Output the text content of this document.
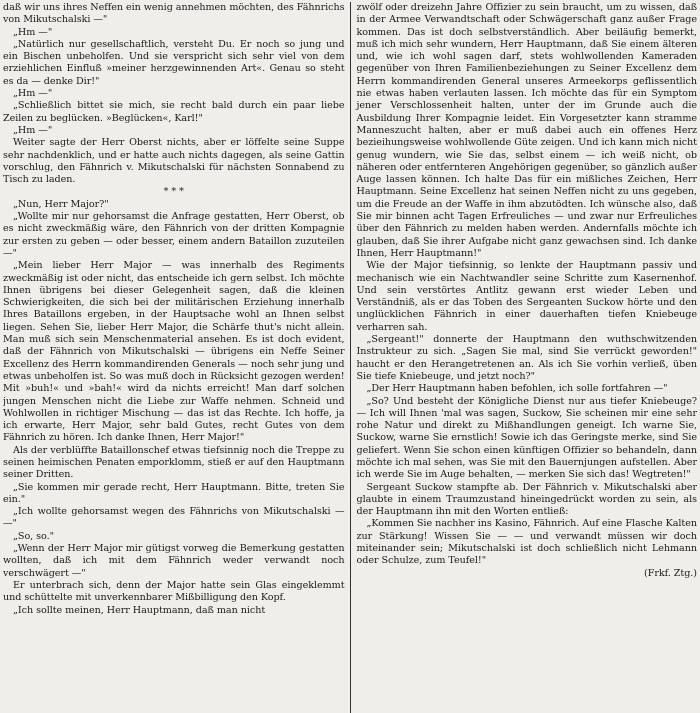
daß wir uns ihres Neffen ein wenig annehmen möchten, des Fähnrichs von Mikutschalski —"

„Hm —"

„Natürlich nur gesellschaftlich, versteht Du. Er noch so jung und ein Bischen unbeholfen. Und sie verspricht sich sehr viel von dem erziehlichen Einfluß »meiner herzgewinnenden Art«. Genau so steht es da — denke Dir!"

„Hm —"

„Schließlich bittet sie mich, sie recht bald durch ein paar liebe Zeilen zu beglücken. »Beglücken«, Karl!"

„Hm —"

Weiter sagte der Herr Oberst nichts, aber er löffelte seine Suppe sehr nachdenklich, und er hatte auch nichts dagegen, als seine Gattin vorschlug, den Fähnrich v. Mikutschalski für nächsten Sonnabend zu Tisch zu laden.

* * *

„Nun, Herr Major?"

„Wollte mir nur gehorsamst die Anfrage gestatten, Herr Oberst, ob es nicht zweckmäßig wäre, den Fähnrich von der dritten Kompagnie zur ersten zu geben — oder besser, einem andern Bataillon zuzuteilen —"

„Mein lieber Herr Major — was innerhalb des Regiments zweckmäßig ist oder nicht, das entscheide ich gern selbst. Ich möchte Ihnen übrigens bei dieser Gelegenheit sagen, daß die kleinen Schwierigkeiten, die sich bei der militärischen Erziehung innerhalb Ihres Bataillons ergeben, in der Hauptsache wohl an Ihnen selbst liegen. Sehen Sie, lieber Herr Major, die Schärfe thut's nicht allein. Man muß sich sein Menschenmaterial ansehen. Es ist doch evident, daß der Fähnrich von Mikutschalski — übrigens ein Neffe Seiner Excellenz des Herrn kommandirenden Generals — noch sehr jung und etwas unbeholfen ist. So was muß doch in Rücksicht gezogen werden! Mit »buh!« und »bah!« wird da nichts erreicht! Man darf solchen jungen Menschen nicht die Liebe zur Waffe nehmen. Schneid und Wohlwollen in richtiger Mischung — das ist das Rechte. Ich hoffe, ja ich erwarte, Herr Major, sehr bald Gutes, recht Gutes von dem Fähnrich zu hören. Ich danke Ihnen, Herr Major!"

Als der verblüffte Bataillonschef etwas tiefsinnig noch die Treppe zu seinen heimischen Penaten emporklomm, stieß er auf den Hauptmann seiner Dritten.

„Sie kommen mir gerade recht, Herr Hauptmann. Bitte, treten Sie ein."

„Ich wollte gehorsamst wegen des Fähnrichs von Mikutschalski — —"

„So, so."

„Wenn der Herr Major mir gütigst vorweg die Bemerkung gestatten wollten, daß ich mit dem Fähnrich weder verwandt noch verschwägert —"

Er unterbrach sich, denn der Major hatte sein Glas eingeklemmt und schüttelte mit unverkennbarer Mißbilligung den Kopf.

„Ich sollte meinen, Herr Hauptmann, daß man nicht

zwölf oder dreizehn Jahre Offizier zu sein braucht, um zu wissen, daß in der Armee Verwandtschaft oder Schwägerschaft ganz außer Frage kommen. Das ist doch selbstverständlich. Aber beiläufig bemerkt, muß ich mich sehr wundern, Herr Hauptmann, daß Sie einem älteren und, wie ich wohl sagen darf, stets wohlwollenden Kameraden gegenüber von Ihren Familienbeziehungen zu Seiner Excellenz dem Herrn kommandirenden General unseres Armeekorps geflissentlich nie etwas haben verlauten lassen. Ich möchte das für ein Symptom jener Verschlossenheit halten, unter der im Grunde auch die Ausbildung Ihrer Kompagnie leidet. Ein Vorgesetzter kann stramme Manneszucht halten, aber er muß dabei auch ein offenes Herz bezieihungsweise wohlwollende Güte zeigen. Und ich kann mich nicht genug wundern, wie Sie das, selbst einem — ich weiß nicht, ob näheren oder entfernteren Angehörigen gegenüber, so gänzlich außer Auge lassen können. Ich halte Das für ein mißliches Zeichen, Herr Hauptmann. Seine Excellenz hat seinen Neffen nicht zu uns gegeben, um die Freude an der Waffe in ihm abzutödten. Ich wünsche also, daß Sie mir binnen acht Tagen Erfreuliches — und zwar nur Erfreuliches über den Fähnrich zu melden haben werden. Andernfalls möchte ich glauben, daß Sie ihrer Aufgabe nicht ganz gewachsen sind. Ich danke Ihnen, Herr Hauptmann!"

Wie der Major tiefsinnig, so lenkte der Hauptmann passiv und mechanisch wie ein Nachtwandler seine Schritte zum Kasernenhof. Und sein verstörtes Antlitz gewann erst wieder Leben und Verständniß, als er das Toben des Sergeanten Suckow hörte und den unglücklichen Fähnrich in einer dauerhaften tiefen Kniebeuge verharren sah.

„Sergeant!" donnerte der Hauptmann den wuthschwitzenden Instrukteur zu sich. „Sagen Sie mal, sind Sie verrückt geworden!" haucht er den Herangetretenen an. Als ich Sie vorhin verließ, üben Sie tiefe Kniebeuge, und jetzt noch?"

„Der Herr Hauptmann haben befohlen, ich solle fortfahren —"

„So? Und besteht der Königliche Dienst nur aus tiefer Kniebeuge? — Ich will Ihnen 'mal was sagen, Suckow, Sie scheinen mir eine sehr rohe Natur und direkt zu Mißhandlungen geneigt. Ich warne Sie, Suckow, warne Sie ernstlich! Sowie ich das Geringste merke, sind Sie geliefert. Wenn Sie schon einen künftigen Offizier so behandeln, dann möchte ich mal sehen, was Sie mit den Bauernjungen aufstellen. Aber ich werde Sie im Auge behalten, — merken Sie sich das! Wegtreten!"

Sergeant Suckow stampfte ab. Der Fähnrich v. Mikutschalski aber glaubte in einem Traumzustand hineingedrückt worden zu sein, als der Hauptmann ihn mit den Worten entließ:

„Kommen Sie nachher ins Kasino, Fähnrich. Auf eine Flasche Kalten zur Stärkung! Wissen Sie — — und verwandt müssen wir doch miteinander sein; Mikutschalski ist doch schließlich nicht Lehmann oder Schulze, zum Teufel!"

(Frkf. Ztg.)
